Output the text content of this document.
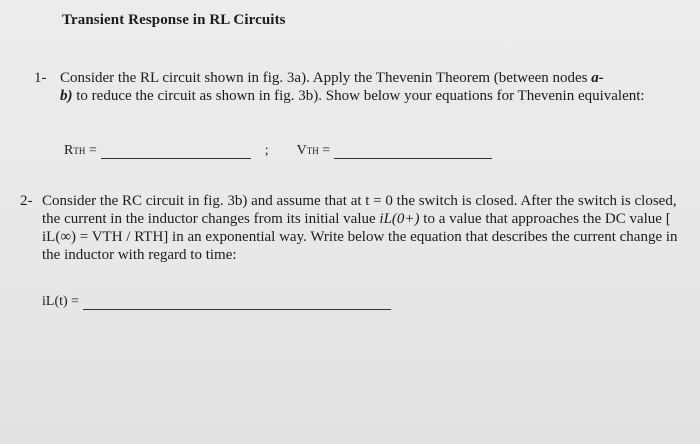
Transient Response in RL Circuits
1- Consider the RL circuit shown in fig. 3a). Apply the Thevenin Theorem (between nodes a-
b) to reduce the circuit as shown in fig. 3b). Show below your equations for Thevenin equivalent:
RTH =	; VTH =
2- Consider the RC circuit in fig. 3b) and assume that at t = 0 the switch is closed. After the switch is closed, the current in the inductor changes from its initial value iL(0+) to a value that approaches the DC value [ iL(∞) = VTH / RTH] in an exponential way. Write below the equation that describes the current change in the inductor with regard to time:
iL(t) =
